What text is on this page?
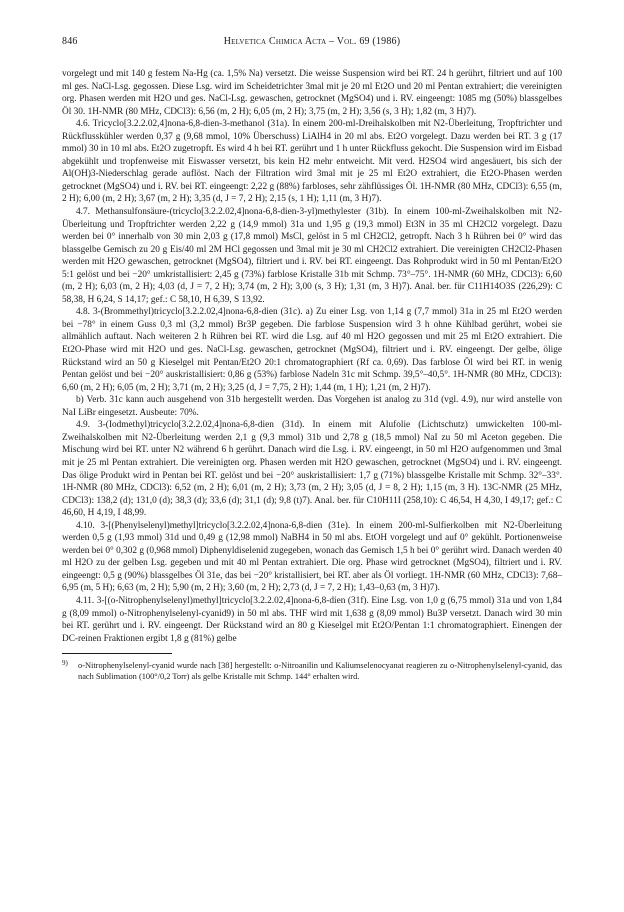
846	Helvetica Chimica Acta – Vol. 69 (1986)

vorgelegt und mit 140 g festem Na-Hg (ca. 1,5% Na) versetzt. Die weisse Suspension wird bei RT. 24 h gerührt, filtriert und auf 100 ml ges. NaCl-Lsg. gegossen. Diese Lsg. wird im Scheidetrichter 3mal mit je 20 ml Et2O und 20 ml Pentan extrahiert; die vereinigten org. Phasen werden mit H2O und ges. NaCl-Lsg. gewaschen, getrocknet (MgSO4) und i. RV. eingeengt: 1085 mg (50%) blassgelbes Öl 30. 1H-NMR (80 MHz, CDCl3): 6,56 (m, 2 H); 6,05 (m, 2 H); 3,75 (m, 2 H); 3,56 (s, 3 H); 1,82 (m, 3 H)7).

4.6. Tricyclo[3.2.2.02,4]nona-6,8-dien-3-methanol (31a). In einem 200-ml-Dreihalskolben mit N2-Überleitung, Tropftrichter und Rückflusskühler werden 0,37 g (9,68 mmol, 10% Überschuss) LiAlH4 in 20 ml abs. Et2O vorgelegt. Dazu werden bei RT. 3 g (17 mmol) 30 in 10 ml abs. Et2O zugetropft. Es wird 4 h bei RT. gerührt und 1 h unter Rückfluss gekocht. Die Suspension wird im Eisbad abgekühlt und tropfenweise mit Eiswasser versetzt, bis kein H2 mehr entweicht. Mit verd. H2SO4 wird angesäuert, bis sich der Al(OH)3-Niederschlag gerade auflöst. Nach der Filtration wird 3mal mit je 25 ml Et2O extrahiert, die Et2O-Phasen werden getrocknet (MgSO4) und i. RV. bei RT. eingeengt: 2,22 g (88%) farbloses, sehr zähflüssiges Öl. 1H-NMR (80 MHz, CDCl3): 6,55 (m, 2 H); 6,00 (m, 2 H); 3,67 (m, 2 H); 3,35 (d, J = 7, 2 H); 2,15 (s, 1 H); 1,11 (m, 3 H)7).

4.7. Methansulfonsäure-(tricyclo[3.2.2.02,4]nona-6,8-dien-3-yl)methylester (31b). In einem 100-ml-Zweihalskolben mit N2-Überleitung und Tropftrichter werden 2,22 g (14,9 mmol) 31a und 1,95 g (19,3 mmol) Et3N in 35 ml CH2Cl2 vorgelegt. Dazu werden bei 0° innerhalb von 30 min 2,03 g (17,8 mmol) MsCl, gelöst in 5 ml CH2Cl2, getropft. Nach 3 h Rühren bei 0° wird das blassgelbe Gemisch zu 20 g Eis/40 ml 2M HCl gegossen und 3mal mit je 30 ml CH2Cl2 extrahiert. Die vereinigten CH2Cl2-Phasen werden mit H2O gewaschen, getrocknet (MgSO4), filtriert und i. RV. bei RT. eingeengt. Das Rohprodukt wird in 50 ml Pentan/Et2O 5:1 gelöst und bei −20° umkristallisiert: 2,45 g (73%) farblose Kristalle 31b mit Schmp. 73°–75°. 1H-NMR (60 MHz, CDCl3): 6,60 (m, 2 H); 6,03 (m, 2 H); 4,03 (d, J = 7, 2 H); 3,74 (m, 2 H); 3,00 (s, 3 H); 1,31 (m, 3 H)7). Anal. ber. für C11H14O3S (226,29): C 58,38, H 6,24, S 14,17; gef.: C 58,10, H 6,39, S 13,92.

4.8. 3-(Brommethyl)tricyclo[3.2.2.02,4]nona-6,8-dien (31c). a) Zu einer Lsg. von 1,14 g (7,7 mmol) 31a in 25 ml Et2O werden bei −78° in einem Guss 0,3 ml (3,2 mmol) Br3P gegeben. Die farblose Suspension wird 3 h ohne Kühlbad gerührt, wobei sie allmählich auftaut. Nach weiteren 2 h Rühren bei RT. wird die Lsg. auf 40 ml H2O gegossen und mit 25 ml Et2O extrahiert. Die Et2O-Phase wird mit H2O und ges. NaCl-Lsg. gewaschen, getrocknet (MgSO4), filtriert und i. RV. eingeengt. Der gelbe, ölige Rückstand wird an 50 g Kieselgel mit Pentan/Et2O 20:1 chromatographiert (Rf ca. 0,69). Das farblose Öl wird bei RT. in wenig Pentan gelöst und bei −20° auskristallisiert: 0,86 g (53%) farblose Nadeln 31c mit Schmp. 39,5°–40,5°. 1H-NMR (80 MHz, CDCl3): 6,60 (m, 2 H); 6,05 (m, 2 H); 3,71 (m, 2 H); 3,25 (d, J = 7,75, 2 H); 1,44 (m, 1 H); 1,21 (m, 2 H)7).

b) Verb. 31c kann auch ausgehend von 31b hergestellt werden. Das Vorgehen ist analog zu 31d (vgl. 4.9), nur wird anstelle von NaI LiBr eingesetzt. Ausbeute: 70%.

4.9. 3-(Iodmethyl)tricyclo[3.2.2.02,4]nona-6,8-dien (31d). In einem mit Alufolie (Lichtschutz) umwickelten 100-ml-Zweihalskolben mit N2-Überleitung werden 2,1 g (9,3 mmol) 31b und 2,78 g (18,5 mmol) NaI zu 50 ml Aceton gegeben. Die Mischung wird bei RT. unter N2 während 6 h gerührt. Danach wird die Lsg. i. RV. eingeengt, in 50 ml H2O aufgenommen und 3mal mit je 25 ml Pentan extrahiert. Die vereinigten org. Phasen werden mit H2O gewaschen, getrocknet (MgSO4) und i. RV. eingeengt. Das ölige Produkt wird in Pentan bei RT. gelöst und bei −20° auskristallisiert: 1,7 g (71%) blassgelbe Kristalle mit Schmp. 32°–33°. 1H-NMR (80 MHz, CDCl3): 6,52 (m, 2 H); 6,01 (m, 2 H); 3,73 (m, 2 H); 3,05 (d, J = 8, 2 H); 1,15 (m, 3 H). 13C-NMR (25 MHz, CDCl3): 138,2 (d); 131,0 (d); 38,3 (d); 33,6 (d); 31,1 (d); 9,8 (t)7). Anal. ber. für C10H11I (258,10): C 46,54, H 4,30, I 49,17; gef.: C 46,60, H 4,19, I 48,99.

4.10. 3-[(Phenylselenyl)methyl]tricyclo[3.2.2.02,4]nona-6,8-dien (31e). In einem 200-ml-Sulfierkolben mit N2-Überleitung werden 0,5 g (1,93 mmol) 31d und 0,49 g (12,98 mmol) NaBH4 in 50 ml abs. EtOH vorgelegt und auf 0° gekühlt. Portionenweise werden bei 0° 0,302 g (0,968 mmol) Diphenyldiselenid zugegeben, wonach das Gemisch 1,5 h bei 0° gerührt wird. Danach werden 40 ml H2O zu der gelben Lsg. gegeben und mit 40 ml Pentan extrahiert. Die org. Phase wird getrocknet (MgSO4), filtriert und i. RV. eingeengt: 0,5 g (90%) blassgelbes Öl 31e, das bei −20° kristallisiert, bei RT. aber als Öl vorliegt. 1H-NMR (60 MHz, CDCl3): 7,68–6,95 (m, 5 H); 6,63 (m, 2 H); 5,90 (m, 2 H); 3,60 (m, 2 H); 2,73 (d, J = 7, 2 H); 1,43–0,63 (m, 3 H)7).

4.11. 3-[(o-Nitrophenylselenyl)methyl]tricyclo[3.2.2.02,4]nona-6,8-dien (31f). Eine Lsg. von 1,0 g (6,75 mmol) 31a und von 1,84 g (8,09 mmol) o-Nitrophenylselenyl-cyanid9) in 50 ml abs. THF wird mit 1,638 g (8,09 mmol) Bu3P versetzt. Danach wird 30 min bei RT. gerührt und i. RV. eingeengt. Der Rückstand wird an 80 g Kieselgel mit Et2O/Pentan 1:1 chromatographiert. Einengen der DC-reinen Fraktionen ergibt 1,8 g (81%) gelbe

9) o-Nitrophenylselenyl-cyanid wurde nach [38] hergestellt: o-Nitroanilin und Kaliumselenocyanat reagieren zu o-Nitrophenylselenyl-cyanid, das nach Sublimation (100°/0,2 Torr) als gelbe Kristalle mit Schmp. 144° erhalten wird.
